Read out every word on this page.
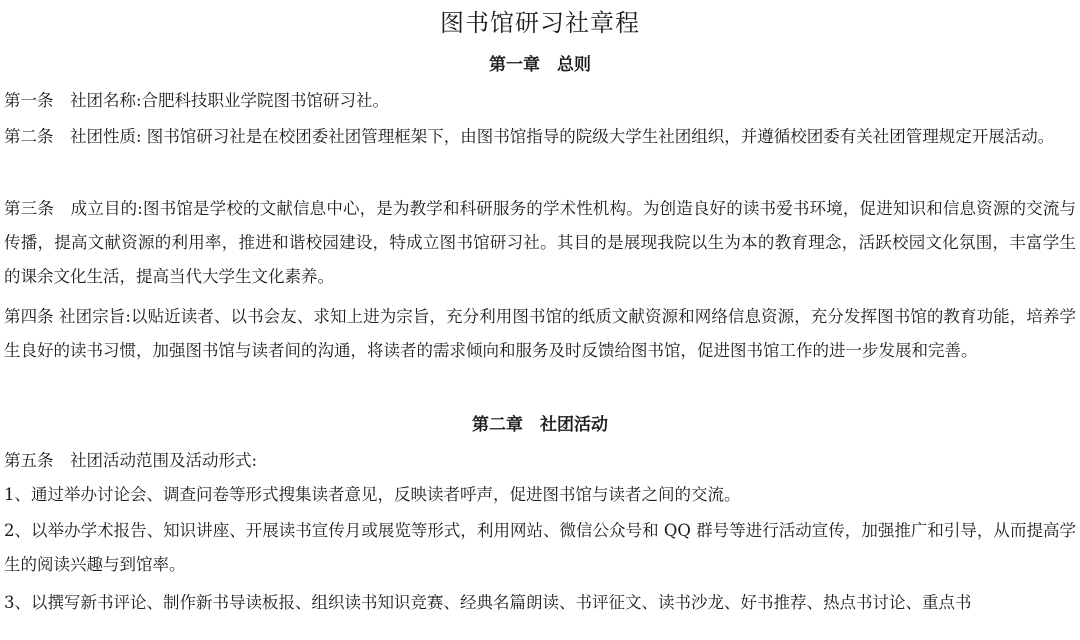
图书馆研习社章程
第一章　总则

第一条　社团名称:合肥科技职业学院图书馆研习社。

第二条　社团性质: 图书馆研习社是在校团委社团管理框架下，由图书馆指导的院级大学生社团组织，并遵循校团委有关社团管理规定开展活动。

第三条　成立目的:图书馆是学校的文献信息中心，是为教学和科研服务的学术性机构。为创造良好的读书爱书环境，促进知识和信息资源的交流与传播，提高文献资源的利用率，推进和谐校园建设，特成立图书馆研习社。其目的是展现我院以生为本的教育理念，活跃校园文化氛围，丰富学生的课余文化生活，提高当代大学生文化素养。

第四条 社团宗旨:以贴近读者、以书会友、求知上进为宗旨，充分利用图书馆的纸质文献资源和网络信息资源，充分发挥图书馆的教育功能，培养学生良好的读书习惯，加强图书馆与读者间的沟通，将读者的需求倾向和服务及时反馈给图书馆，促进图书馆工作的进一步发展和完善。

第二章　社团活动

第五条　社团活动范围及活动形式:

1、通过举办讨论会、调查问卷等形式搜集读者意见，反映读者呼声，促进图书馆与读者之间的交流。

2、以举办学术报告、知识讲座、开展读书宣传月或展览等形式，利用网站、微信公众号和 QQ 群号等进行活动宣传，加强推广和引导，从而提高学生的阅读兴趣与到馆率。

3、以撰写新书评论、制作新书导读板报、组织读书知识竞赛、经典名篇朗读、书评征文、读书沙龙、好书推荐、热点书讨论、重点书
